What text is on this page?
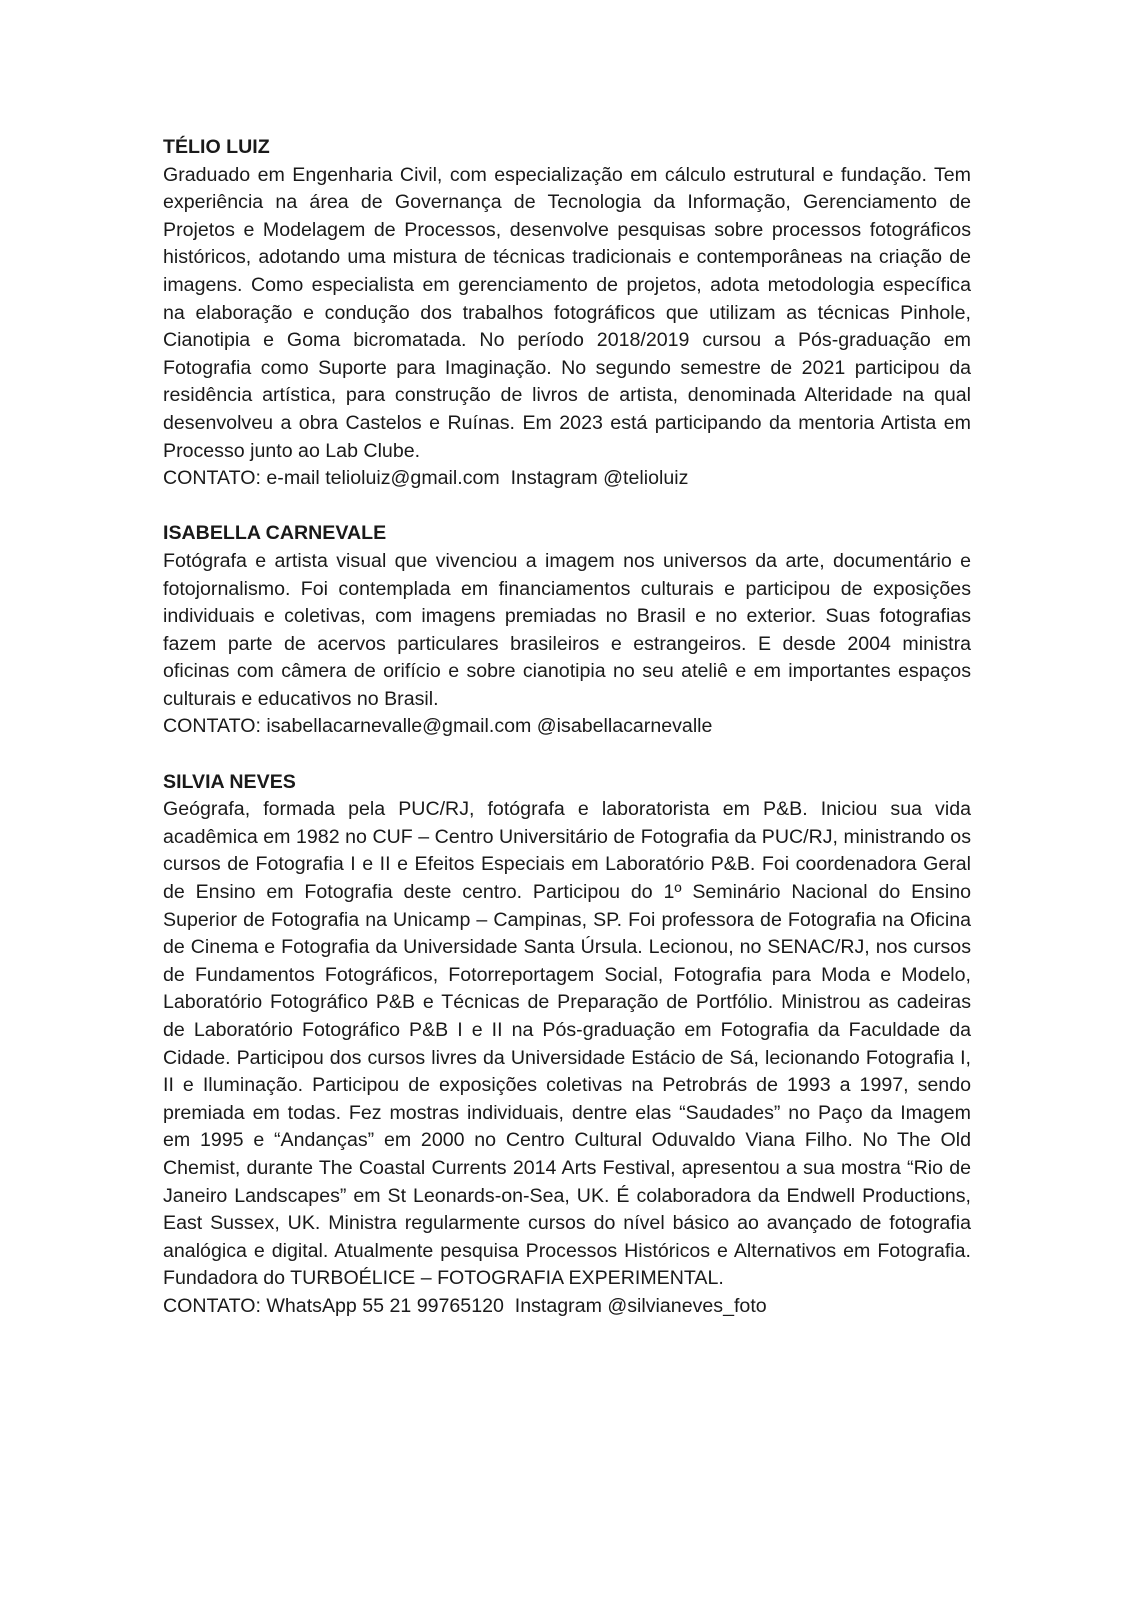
TÉLIO LUIZ

Graduado em Engenharia Civil, com especialização em cálculo estrutural e fundação. Tem experiência na área de Governança de Tecnologia da Informação, Gerenciamento de Projetos e Modelagem de Processos, desenvolve pesquisas sobre processos fotográficos históricos, adotando uma mistura de técnicas tradicionais e contemporâneas na criação de imagens. Como especialista em gerenciamento de projetos, adota metodologia específica na elaboração e condução dos trabalhos fotográficos que utilizam as técnicas Pinhole, Cianotipia e Goma bicromatada. No período 2018/2019 cursou a Pós-graduação em Fotografia como Suporte para Imaginação. No segundo semestre de 2021 participou da residência artística, para construção de livros de artista, denominada Alteridade na qual desenvolveu a obra Castelos e Ruínas. Em 2023 está participando da mentoria Artista em Processo junto ao Lab Clube.

CONTATO: e-mail telioluiz@gmail.com  Instagram @telioluiz

ISABELLA CARNEVALE

Fotógrafa e artista visual que vivenciou a imagem nos universos da arte, documentário e fotojornalismo. Foi contemplada em financiamentos culturais e participou de exposições individuais e coletivas, com imagens premiadas no Brasil e no exterior. Suas fotografias fazem parte de acervos particulares brasileiros e estrangeiros. E desde 2004 ministra oficinas com câmera de orifício e sobre cianotipia no seu ateliê e em importantes espaços culturais e educativos no Brasil.

CONTATO: isabellacarnevalle@gmail.com @isabellacarnevalle

SILVIA NEVES

Geógrafa, formada pela PUC/RJ, fotógrafa e laboratorista em P&B. Iniciou sua vida acadêmica em 1982 no CUF – Centro Universitário de Fotografia da PUC/RJ, ministrando os cursos de Fotografia I e II e Efeitos Especiais em Laboratório P&B. Foi coordenadora Geral de Ensino em Fotografia deste centro. Participou do 1º Seminário Nacional do Ensino Superior de Fotografia na Unicamp – Campinas, SP. Foi professora de Fotografia na Oficina de Cinema e Fotografia da Universidade Santa Úrsula. Lecionou, no SENAC/RJ, nos cursos de Fundamentos Fotográficos, Fotorreportagem Social, Fotografia para Moda e Modelo, Laboratório Fotográfico P&B e Técnicas de Preparação de Portfólio. Ministrou as cadeiras de Laboratório Fotográfico P&B I e II na Pós-graduação em Fotografia da Faculdade da Cidade. Participou dos cursos livres da Universidade Estácio de Sá, lecionando Fotografia I, II e Iluminação. Participou de exposições coletivas na Petrobrás de 1993 a 1997, sendo premiada em todas. Fez mostras individuais, dentre elas “Saudades” no Paço da Imagem em 1995 e “Andanças” em 2000 no Centro Cultural Oduvaldo Viana Filho. No The Old Chemist, durante The Coastal Currents 2014 Arts Festival, apresentou a sua mostra “Rio de Janeiro Landscapes” em St Leonards-on-Sea, UK. É colaboradora da Endwell Productions, East Sussex, UK. Ministra regularmente cursos do nível básico ao avançado de fotografia analógica e digital. Atualmente pesquisa Processos Históricos e Alternativos em Fotografia. Fundadora do TURBOÉLICE – FOTOGRAFIA EXPERIMENTAL.

CONTATO: WhatsApp 55 21 99765120  Instagram @silvianeves_foto
